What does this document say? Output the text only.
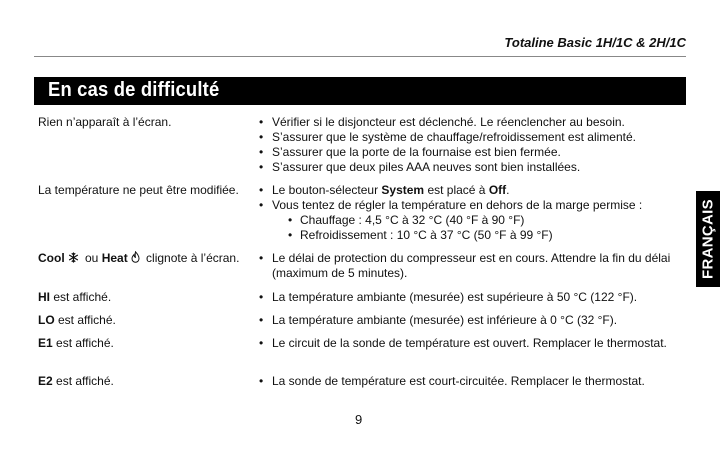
Totaline Basic 1H/1C & 2H/1C
En cas de difficulté
FRANÇAIS
Rien n’apparaît à l’écran.	• Vérifier si le disjoncteur est déclenché. Le réenclencher au besoin.
• S’assurer que le système de chauffage/refroidissement est alimenté.
• S’assurer que la porte de la fournaise est bien fermée.
• S’assurer que deux piles AAA neuves sont bien installées.
La température ne peut être modifiée.	• Le bouton-sélecteur System est placé à Off.
• Vous tentez de régler la température en dehors de la marge permise :
• Chauffage : 4,5 °C à 32 °C (40 °F à 90 °F)
• Refroidissement : 10 °C à 37 °C (50 °F à 99 °F)
Cool ou Heat clignote à l’écran.	• Le délai de protection du compresseur est en cours. Attendre la fin du délai (maximum de 5 minutes).
HI est affiché.	• La température ambiante (mesurée) est supérieure à 50 °C (122 °F).
LO est affiché.	• La température ambiante (mesurée) est inférieure à 0 °C (32 °F).
E1 est affiché.	• Le circuit de la sonde de température est ouvert. Remplacer le thermostat.
E2 est affiché.	• La sonde de température est court-circuitée. Remplacer le thermostat.
9
